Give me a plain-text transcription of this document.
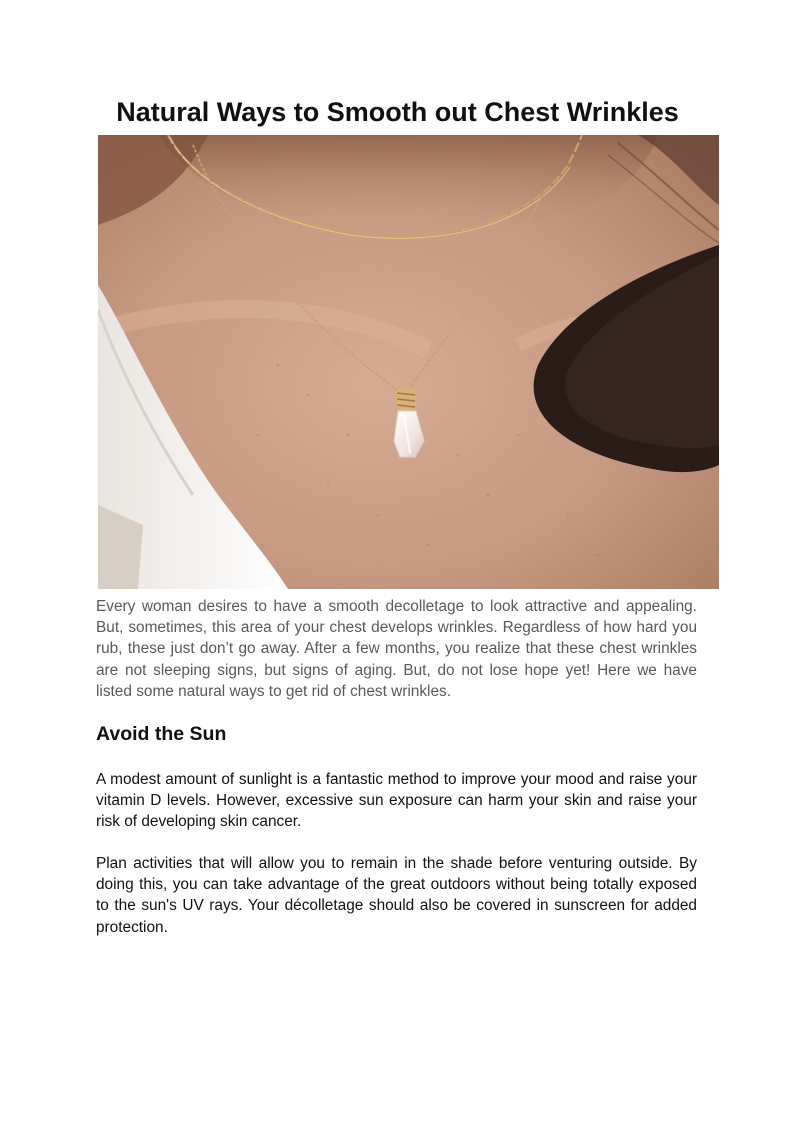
Natural Ways to Smooth out Chest Wrinkles

Every woman desires to have a smooth decolletage to look attractive and appealing. But, sometimes, this area of your chest develops wrinkles. Regardless of how hard you rub, these just don’t go away. After a few months, you realize that these chest wrinkles are not sleeping signs, but signs of aging. But, do not lose hope yet! Here we have listed some natural ways to get rid of chest wrinkles.

Avoid the Sun

A modest amount of sunlight is a fantastic method to improve your mood and raise your vitamin D levels. However, excessive sun exposure can harm your skin and raise your risk of developing skin cancer.

Plan activities that will allow you to remain in the shade before venturing outside. By doing this, you can take advantage of the great outdoors without being totally exposed to the sun's UV rays. Your décolletage should also be covered in sunscreen for added protection.
